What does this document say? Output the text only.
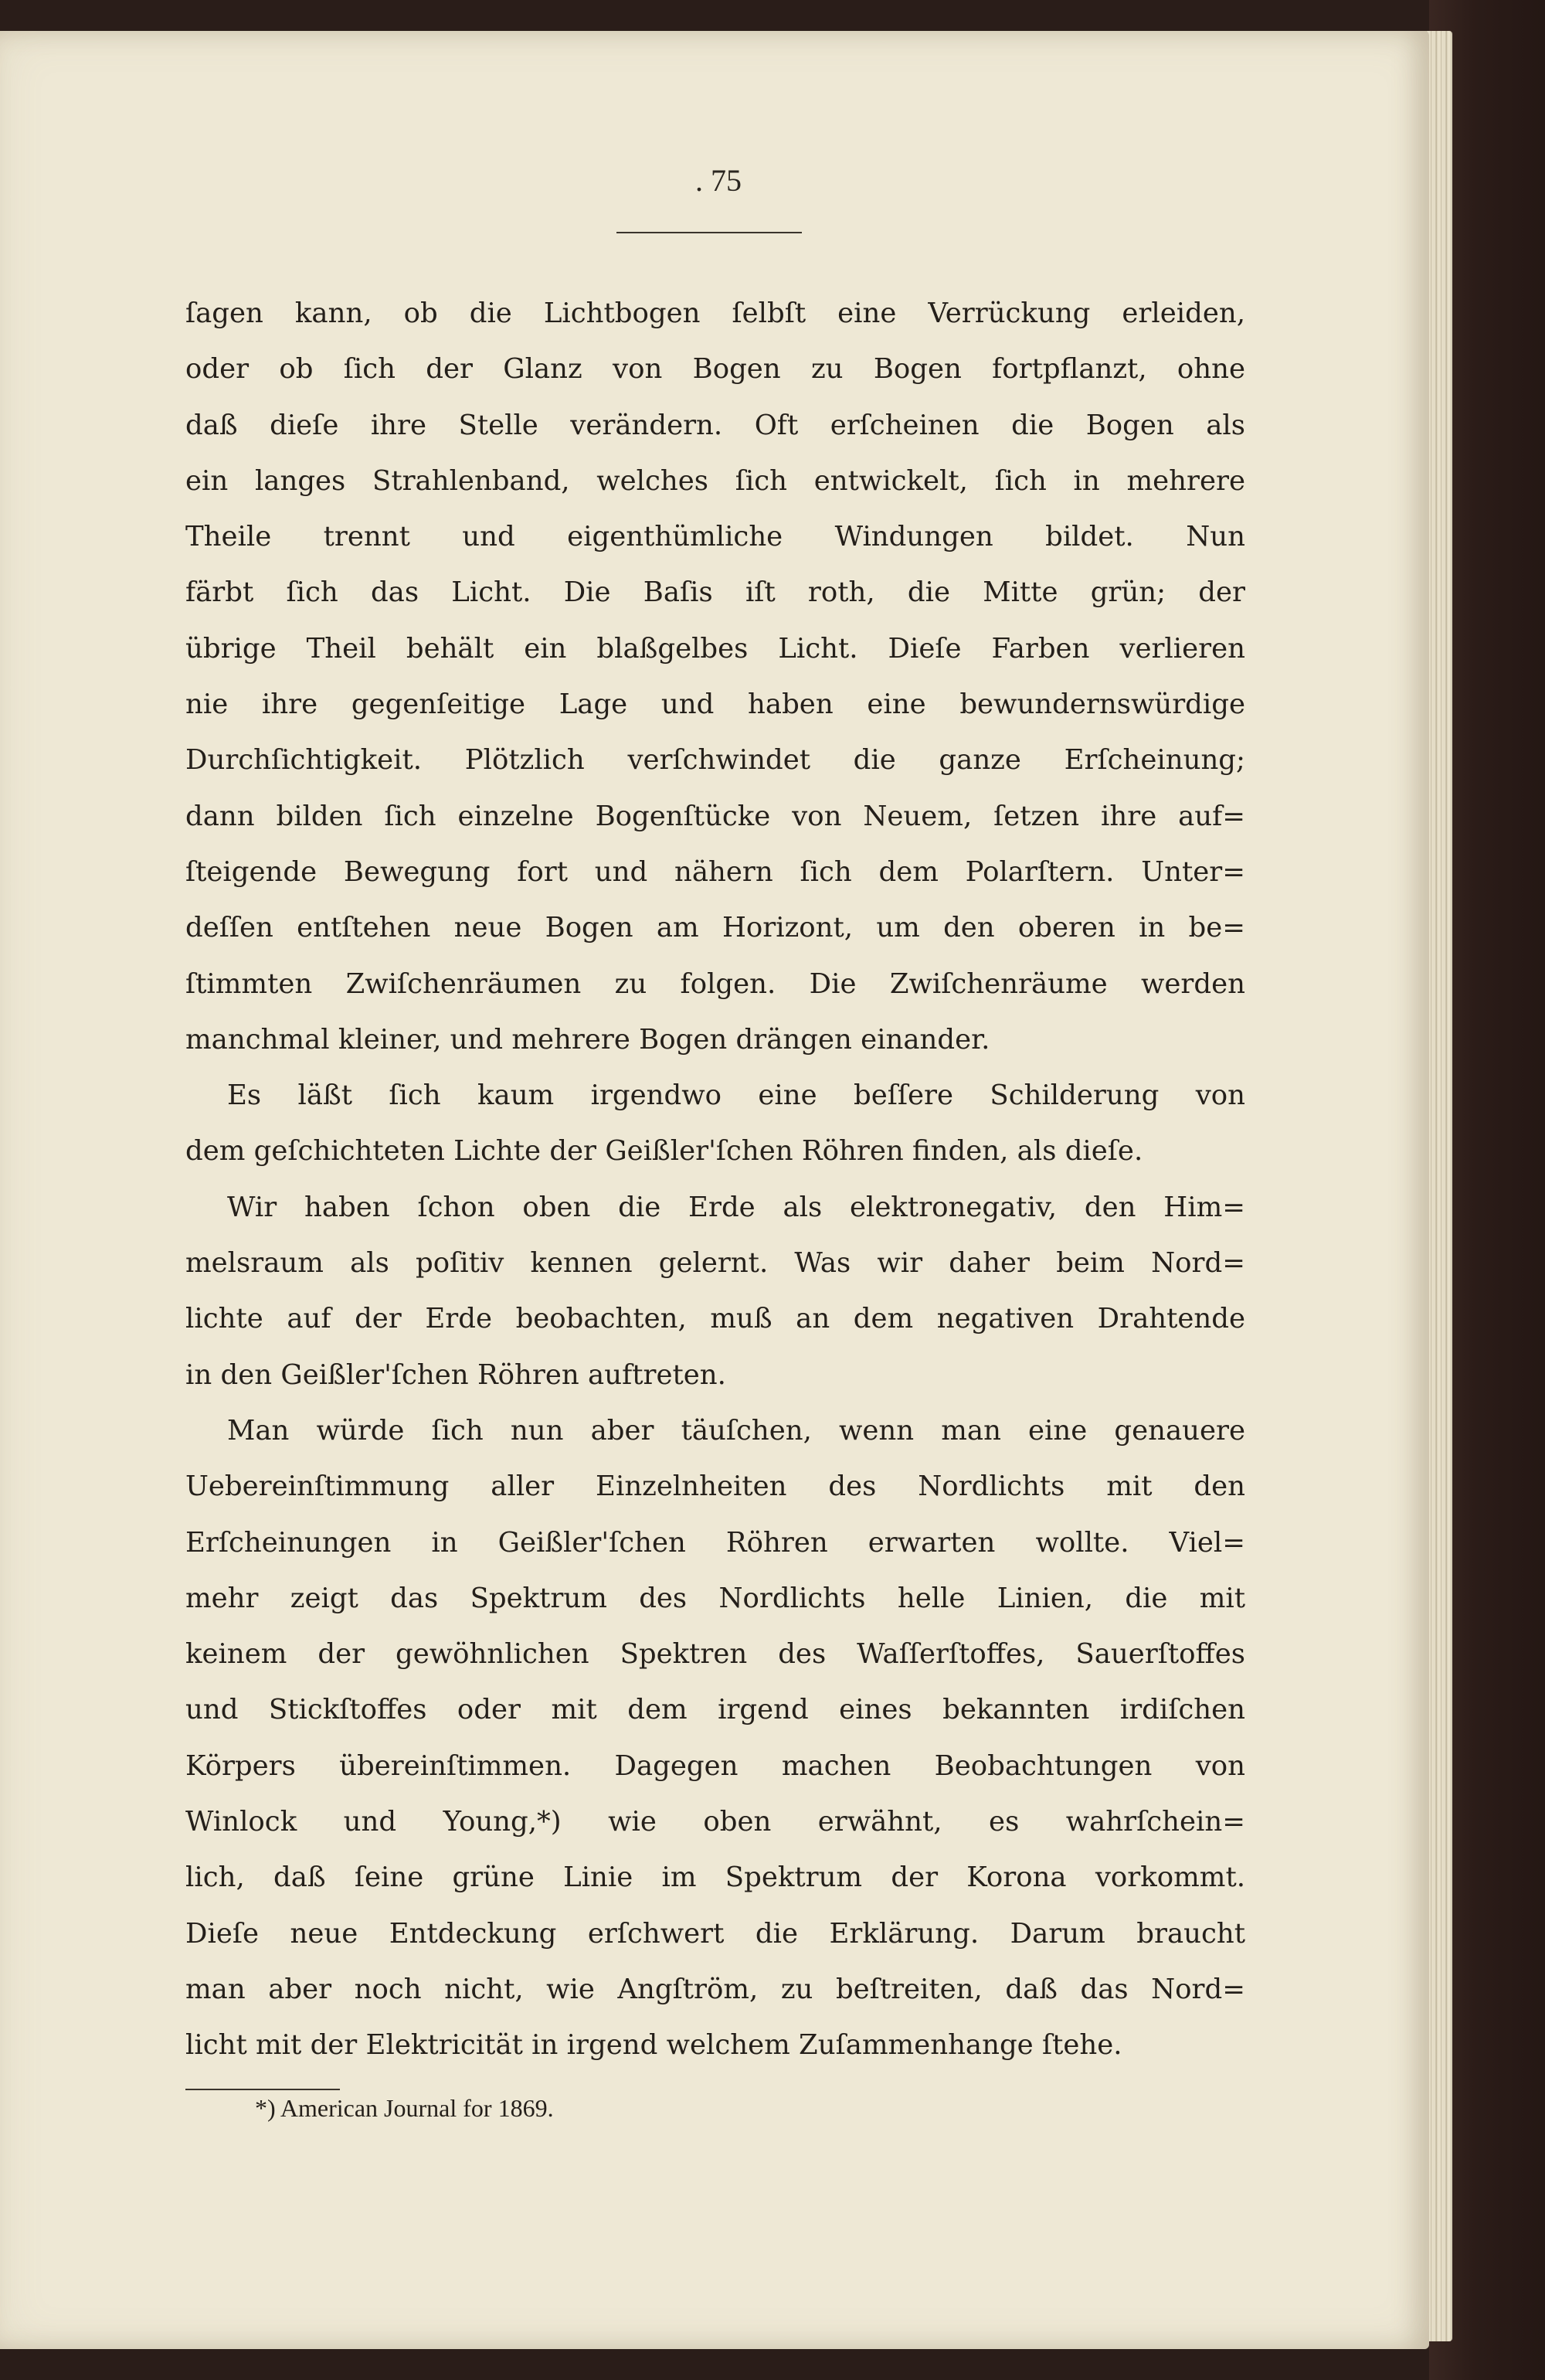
. 75
ſagen kann, ob die Lichtbogen ſelbſt eine Verrückung erleiden,
oder ob ſich der Glanz von Bogen zu Bogen fortpflanzt, ohne
daß dieſe ihre Stelle verändern. Oft erſcheinen die Bogen als
ein langes Strahlenband, welches ſich entwickelt, ſich in mehrere
Theile trennt und eigenthümliche Windungen bildet. Nun
färbt ſich das Licht. Die Baſis iſt roth, die Mitte grün; der
übrige Theil behält ein blaßgelbes Licht. Dieſe Farben verlieren
nie ihre gegenſeitige Lage und haben eine bewundernswürdige
Durchſichtigkeit. Plötzlich verſchwindet die ganze Erſcheinung;
dann bilden ſich einzelne Bogenſtücke von Neuem, ſetzen ihre auf=
ſteigende Bewegung fort und nähern ſich dem Polarſtern. Unter=
deſſen entſtehen neue Bogen am Horizont, um den oberen in be=
ſtimmten Zwiſchenräumen zu folgen. Die Zwiſchenräume werden
manchmal kleiner, und mehrere Bogen drängen einander.
Es läßt ſich kaum irgendwo eine beſſere Schilderung von
dem geſchichteten Lichte der Geißler'ſchen Röhren finden, als dieſe.
Wir haben ſchon oben die Erde als elektronegativ, den Him=
melsraum als poſitiv kennen gelernt. Was wir daher beim Nord=
lichte auf der Erde beobachten, muß an dem negativen Drahtende
in den Geißler'ſchen Röhren auftreten.
Man würde ſich nun aber täuſchen, wenn man eine genauere
Uebereinſtimmung aller Einzelnheiten des Nordlichts mit den
Erſcheinungen in Geißler'ſchen Röhren erwarten wollte. Viel=
mehr zeigt das Spektrum des Nordlichts helle Linien, die mit
keinem der gewöhnlichen Spektren des Waſſerſtoffes, Sauerſtoffes
und Stickſtoffes oder mit dem irgend eines bekannten irdiſchen
Körpers übereinſtimmen. Dagegen machen Beobachtungen von
Winlock und Young,*) wie oben erwähnt, es wahrſchein=
lich, daß ſeine grüne Linie im Spektrum der Korona vorkommt.
Dieſe neue Entdeckung erſchwert die Erklärung. Darum braucht
man aber noch nicht, wie Angſtröm, zu beſtreiten, daß das Nord=
licht mit der Elektricität in irgend welchem Zuſammenhange ſtehe.
*) American Journal for 1869.
